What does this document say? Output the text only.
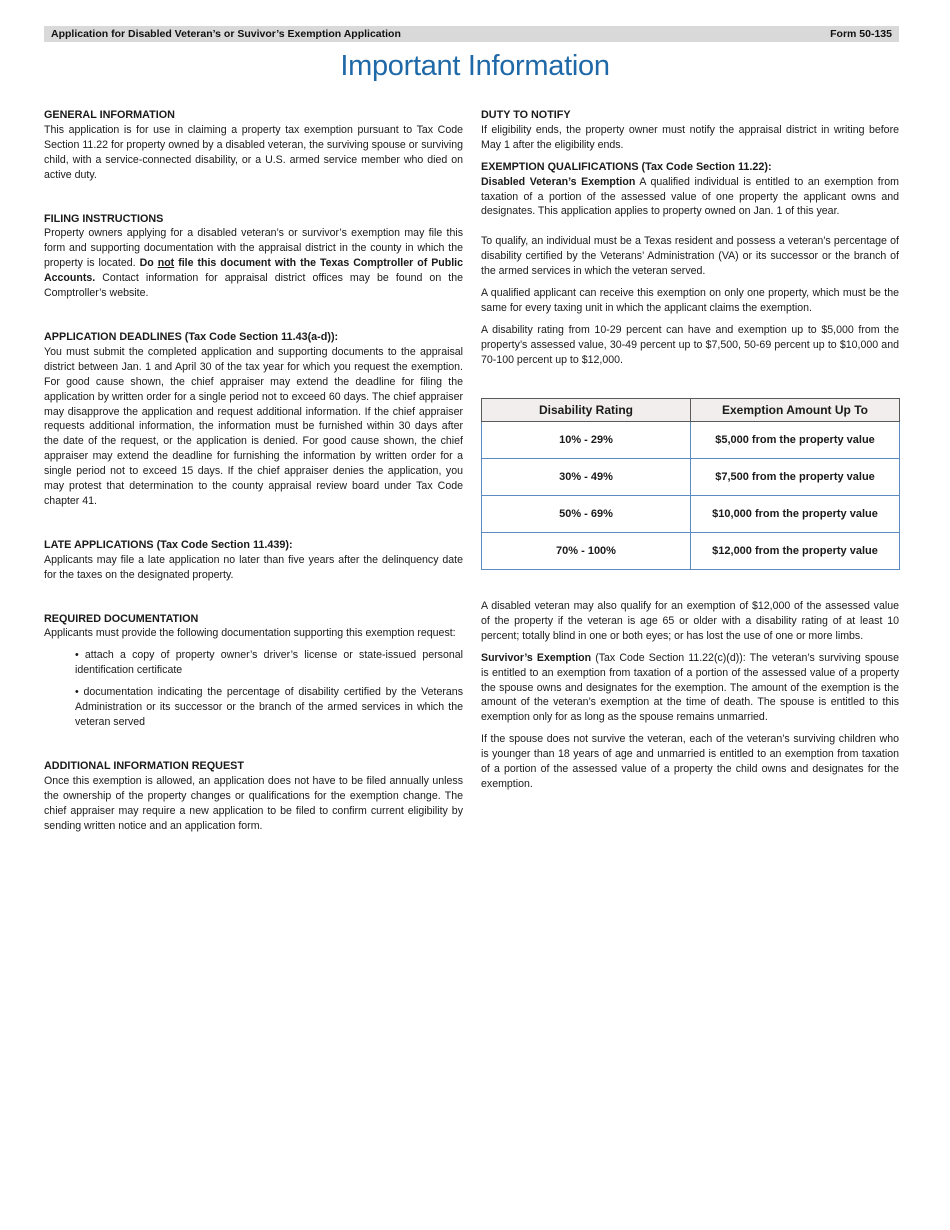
Application for Disabled Veteran’s or Suvivor’s Exemption Application	Form 50-135
Important Information
GENERAL INFORMATION

This application is for use in claiming a property tax exemption pursuant to Tax Code Section 11.22 for property owned by a disabled veteran, the surviving spouse or surviving child, with a service-connected disability, or a U.S. armed service member who died on active duty.

FILING INSTRUCTIONS

Property owners applying for a disabled veteran’s or survivor’s exemption may file this form and supporting documentation with the appraisal district in the county in which the property is located. Do not file this document with the Texas Comptroller of Public Accounts. Contact information for appraisal district offices may be found on the Comptroller’s website.

APPLICATION DEADLINES (Tax Code Section 11.43(a-d)):

You must submit the completed application and supporting documents to the appraisal district between Jan. 1 and April 30 of the tax year for which you request the exemption. For good cause shown, the chief appraiser may extend the deadline for filing the application by written order for a single period not to exceed 60 days. The chief appraiser may disapprove the application and request additional information. If the chief appraiser requests additional information, the information must be furnished within 30 days after the date of the request, or the application is denied. For good cause shown, the chief appraiser may extend the deadline for furnishing the information by written order for a single period not to exceed 15 days. If the chief appraiser denies the application, you may protest that determination to the county appraisal review board under Tax Code chapter 41.

LATE APPLICATIONS (Tax Code Section 11.439):

Applicants may file a late application no later than five years after the delinquency date for the taxes on the designated property.

REQUIRED DOCUMENTATION

Applicants must provide the following documentation supporting this exemption request:

• attach a copy of property owner’s driver’s license or state-issued personal identification certificate

• documentation indicating the percentage of disability certified by the Veterans Administration or its successor or the branch of the armed services in which the veteran served

ADDITIONAL INFORMATION REQUEST

Once this exemption is allowed, an application does not have to be filed annually unless the ownership of the property changes or qualifications for the exemption change. The chief appraiser may require a new application to be filed to confirm current eligibility by sending written notice and an application form.

DUTY TO NOTIFY

If eligibility ends, the property owner must notify the appraisal district in writing before May 1 after the eligibility ends.

EXEMPTION QUALIFICATIONS (Tax Code Section 11.22):

Disabled Veteran’s Exemption A qualified individual is entitled to an exemption from taxation of a portion of the assessed value of one property the applicant owns and designates. This application applies to property owned on Jan. 1 of this year.

To qualify, an individual must be a Texas resident and possess a veteran’s percentage of disability certified by the Veterans’ Administration (VA) or its successor or the branch of the armed services in which the veteran served.

A qualified applicant can receive this exemption on only one property, which must be the same for every taxing unit in which the applicant claims the exemption.

A disability rating from 10-29 percent can have and exemption up to $5,000 from the property’s assessed value, 30-49 percent up to $7,500, 50-69 percent up to $10,000 and 70-100 percent up to $12,000.

Disability Rating	Exemption Amount Up To
10% - 29%	$5,000 from the property value
30% - 49%	$7,500 from the property value
50% - 69%	$10,000 from the property value
70% - 100%	$12,000 from the property value

A disabled veteran may also qualify for an exemption of $12,000 of the assessed value of the property if the veteran is age 65 or older with a disability rating of at least 10 percent; totally blind in one or both eyes; or has lost the use of one or more limbs.

Survivor’s Exemption (Tax Code Section 11.22(c)(d)): The veteran’s surviving spouse is entitled to an exemption from taxation of a portion of the assessed value of a property the spouse owns and designates for the exemption. The amount of the exemption is the amount of the veteran’s exemption at the time of death. The spouse is entitled to this exemption only for as long as the spouse remains unmarried.

If the spouse does not survive the veteran, each of the veteran’s surviving children who is younger than 18 years of age and unmarried is entitled to an exemption from taxation of a portion of the assessed value of a property the child owns and designates for the exemption.
